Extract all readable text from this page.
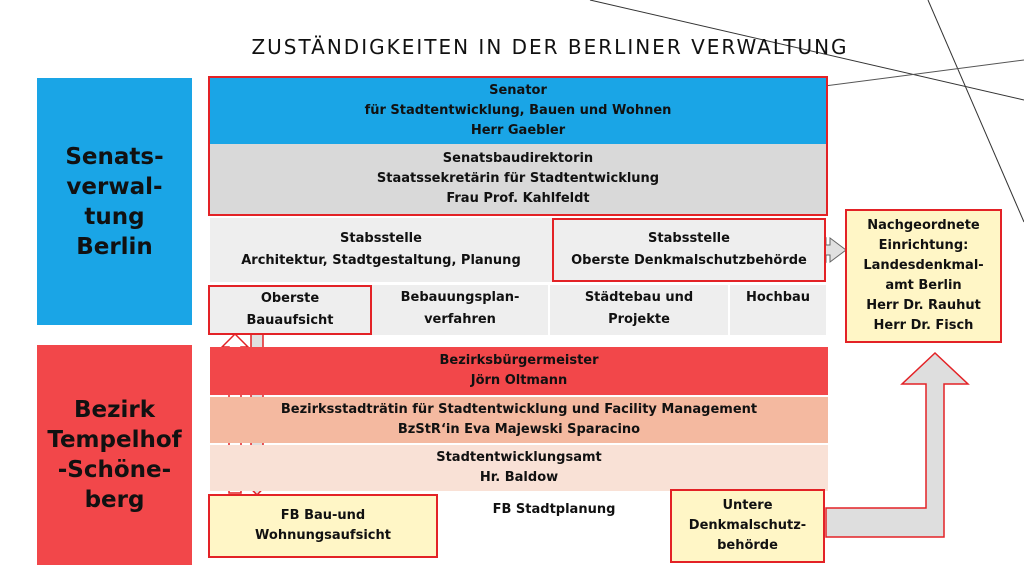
ZUSTÄNDIGKEITEN IN DER BERLINER VERWALTUNG
Senats-
verwal-
tung
Berlin
Bezirk
Tempelhof
-Schöne-
berg
Senator
für Stadtentwicklung, Bauen und Wohnen
Herr Gaebler
Senatsbaudirektorin
Staatssekretärin für Stadtentwicklung
Frau Prof. Kahlfeldt
Stabsstelle
Architektur, Stadtgestaltung, Planung
Stabsstelle
Oberste Denkmalschutzbehörde
Oberste
Bauaufsicht
Bebauungsplan-
verfahren
Städtebau und
Projekte
Hochbau
Nachgeordnete
Einrichtung:
Landesdenkmal-
amt Berlin
Herr Dr. Rauhut
Herr Dr. Fisch
Bezirksbürgermeister
Jörn Oltmann
Bezirksstadträtin für Stadtentwicklung und Facility Management
BzStR‘in Eva Majewski Sparacino
Stadtentwicklungsamt
Hr. Baldow
FB Bau-und
Wohnungsaufsicht
FB Stadtplanung	Untere
Denkmalschutz-
behörde
